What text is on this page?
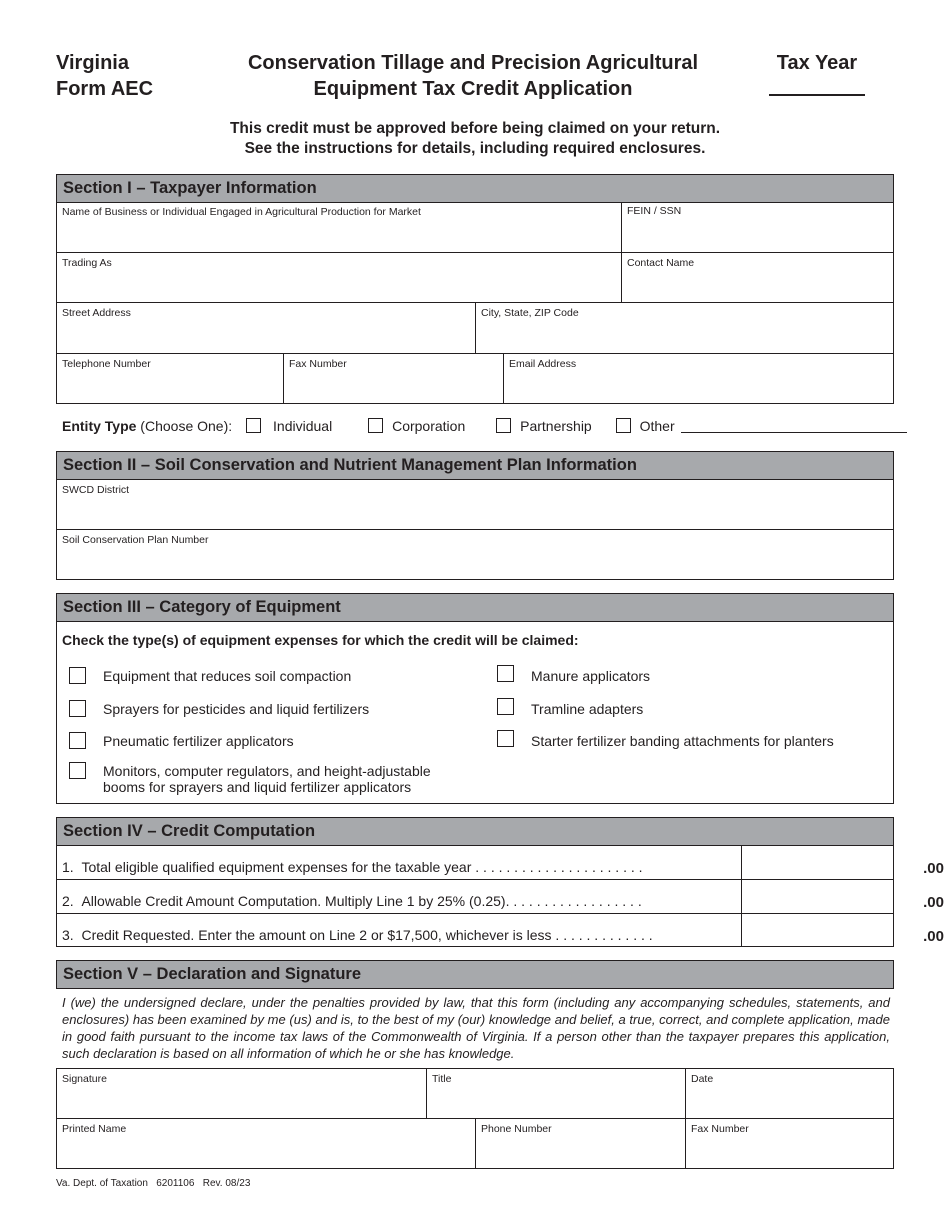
Virginia
Form AEC
Conservation Tillage and Precision Agricultural
Equipment Tax Credit Application
Tax Year
This credit must be approved before being claimed on your return.
See the instructions for details, including required enclosures.
Section I – Taxpayer Information
Name of Business or Individual Engaged in Agricultural Production for Market	FEIN / SSN
Trading As	Contact Name
Street Address	City, State, ZIP Code
Telephone Number	Fax Number	Email Address
Entity Type (Choose One):	Individual	Corporation	Partnership	Other
Section II – Soil Conservation and Nutrient Management Plan Information
SWCD District
Soil Conservation Plan Number
Section III – Category of Equipment
Check the type(s) of equipment expenses for which the credit will be claimed:
Equipment that reduces soil compaction
Sprayers for pesticides and liquid fertilizers
Pneumatic fertilizer applicators
Monitors, computer regulators, and height-adjustable
booms for sprayers and liquid fertilizer applicators
Manure applicators
Tramline adapters
Starter fertilizer banding attachments for planters
Section IV – Credit Computation
1. Total eligible qualified equipment expenses for the taxable year . . . . . . . . . . . . . . . . . . . . . .	.00
2. Allowable Credit Amount Computation. Multiply Line 1 by 25% (0.25). . . . . . . . . . . . . . . . . .	.00
3. Credit Requested. Enter the amount on Line 2 or $17,500, whichever is less . . . . . . . . . . . . .	.00
Section V – Declaration and Signature
I (we) the undersigned declare, under the penalties provided by law, that this form (including any accompanying schedules, statements, and enclosures) has been examined by me (us) and is, to the best of my (our) knowledge and belief, a true, correct, and complete application, made in good faith pursuant to the income tax laws of the Commonwealth of Virginia. If a person other than the taxpayer prepares this application, such declaration is based on all information of which he or she has knowledge.
Signature	Title	Date
Printed Name	Phone Number	Fax Number
Va. Dept. of Taxation   6201106   Rev. 08/23
